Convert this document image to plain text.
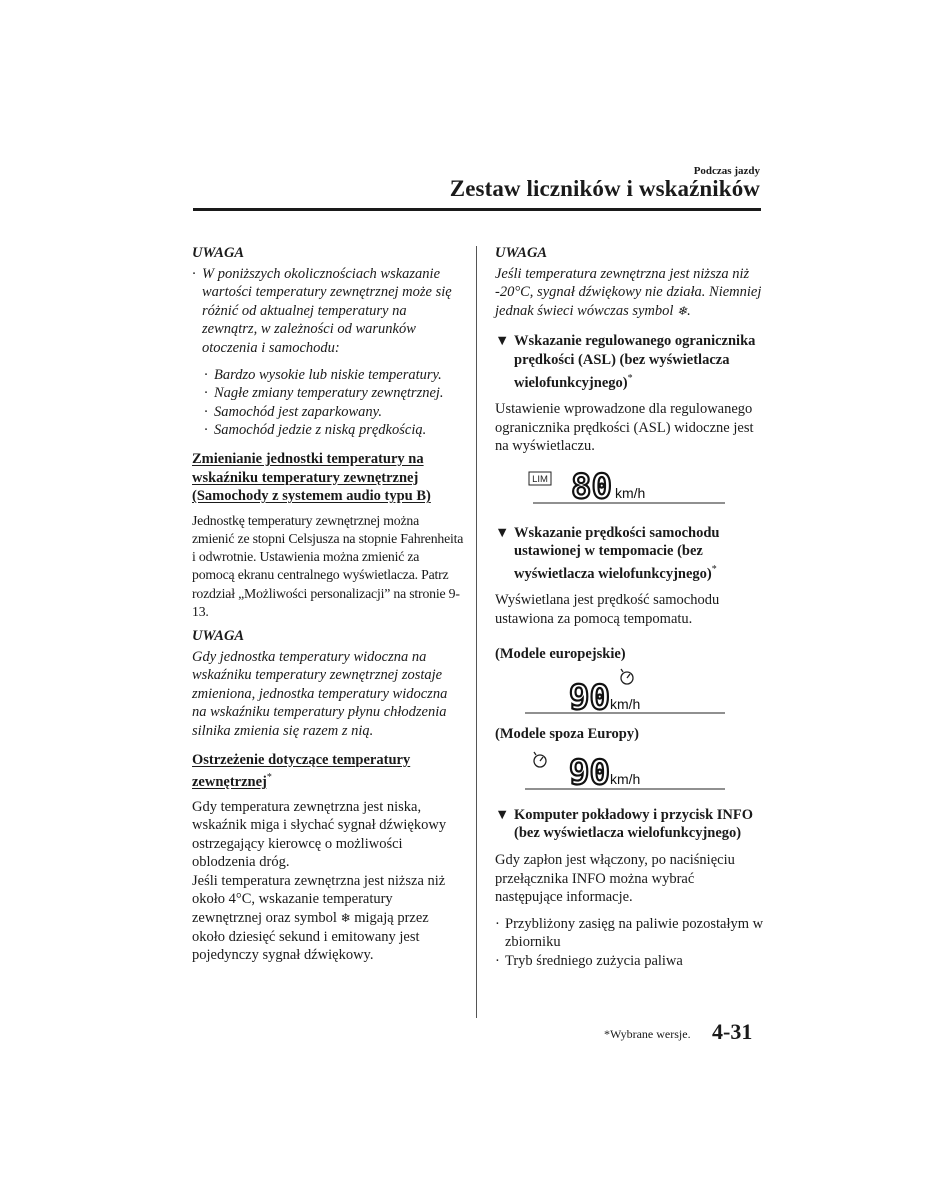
Podczas jazdy
Zestaw liczników i wskaźników
UWAGA
· W poniższych okolicznościach wskazanie wartości temperatury zewnętrznej może się różnić od aktualnej temperatury na zewnątrz, w zależności od warunków otoczenia i samochodu:
· Bardzo wysokie lub niskie temperatury.
· Nagłe zmiany temperatury zewnętrznej.
· Samochód jest zaparkowany.
· Samochód jedzie z niską prędkością.
Zmienianie jednostki temperatury na
wskaźniku temperatury zewnętrznej
(Samochody z systemem audio typu B)
Jednostkę temperatury zewnętrznej można zmienić ze stopni Celsjusza na stopnie Fahrenheita i odwrotnie. Ustawienia można zmienić za pomocą ekranu centralnego wyświetlacza. Patrz rozdział „Możliwości personalizacji” na stronie 9-13.
UWAGA
Gdy jednostka temperatury widoczna na wskaźniku temperatury zewnętrznej zostaje zmieniona, jednostka temperatury widoczna na wskaźniku temperatury płynu chłodzenia silnika zmienia się razem z nią.
Ostrzeżenie dotyczące temperatury
zewnętrznej*
Gdy temperatura zewnętrzna jest niska, wskaźnik miga i słychać sygnał dźwiękowy ostrzegający kierowcę o możliwości oblodzenia dróg.
Jeśli temperatura zewnętrzna jest niższa niż około 4°C, wskazanie temperatury zewnętrznej oraz symbol ❄ migają przez około dziesięć sekund i emitowany jest pojedynczy sygnał dźwiękowy.
UWAGA
Jeśli temperatura zewnętrzna jest niższa niż -20°C, sygnał dźwiękowy nie działa. Niemniej jednak świeci wówczas symbol ❄.
▼ Wskazanie regulowanego ogranicznika prędkości (ASL) (bez wyświetlacza wielofunkcyjnego)*
Ustawienie wprowadzone dla regulowanego ogranicznika prędkości (ASL) widoczne jest na wyświetlaczu.
LIM 80 km/h
▼ Wskazanie prędkości samochodu ustawionej w tempomacie (bez wyświetlacza wielofunkcyjnego)*
Wyświetlana jest prędkość samochodu ustawiona za pomocą tempomatu.
(Modele europejskie)
90 km/h
(Modele spoza Europy)
90 km/h
▼ Komputer pokładowy i przycisk INFO (bez wyświetlacza wielofunkcyjnego)
Gdy zapłon jest włączony, po naciśnięciu przełącznika INFO można wybrać następujące informacje.
· Przybliżony zasięg na paliwie pozostałym w zbiorniku
· Tryb średniego zużycia paliwa
*Wybrane wersje. 4-31
